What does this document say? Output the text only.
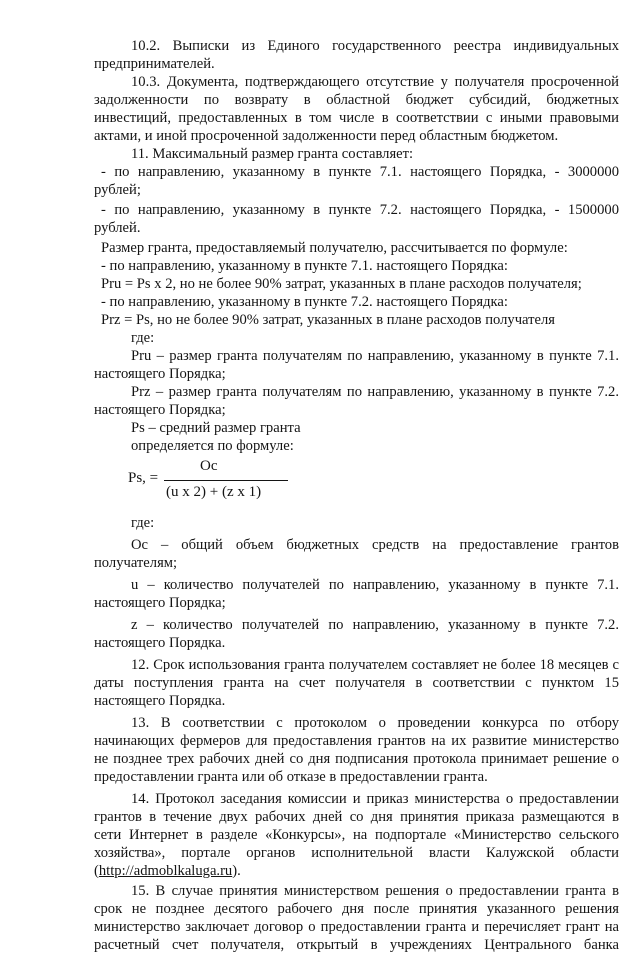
10.2. Выписки из Единого государственного реестра индивидуальных
предпринимателей.
10.3. Документа, подтверждающего отсутствие у получателя просроченной
задолженности по возврату в областной бюджет субсидий, бюджетных
инвестиций, предоставленных в том числе в соответствии с иными правовыми
актами, и иной просроченной задолженности перед областным бюджетом.
11. Максимальный размер гранта составляет:
- по направлению, указанному в пункте 7.1. настоящего Порядка, - 3000000
рублей;
- по направлению, указанному в пункте 7.2. настоящего Порядка, - 1500000
рублей.
Размер гранта, предоставляемый получателю, рассчитывается по формуле:
- по направлению, указанному в пункте 7.1. настоящего Порядка:
Pru = Ps х 2, но не более 90% затрат, указанных в плане расходов получателя;
- по направлению, указанному в пункте 7.2. настоящего Порядка:
Prz = Ps, но не более 90% затрат, указанных в плане расходов получателя
где:
Pru – размер гранта получателям по направлению, указанному в пункте 7.1.
настоящего Порядка;
Prz – размер гранта получателям по направлению, указанному в пункте 7.2.
настоящего Порядка;
Ps – средний размер гранта
определяется по формуле:
Ps, =
Ос
(u x 2) + (z x 1)
где:
Ос – общий объем бюджетных средств на предоставление грантов
получателям;
u – количество получателей по направлению, указанному в пункте 7.1.
настоящего Порядка;
z – количество получателей по направлению, указанному в пункте 7.2.
настоящего Порядка.
12. Срок использования гранта получателем составляет не более 18 месяцев с
даты поступления гранта на счет получателя в соответствии с пунктом 15
настоящего Порядка.
13. В соответствии с протоколом о проведении конкурса по отбору
начинающих фермеров для предоставления грантов на их развитие министерство
не позднее трех рабочих дней со дня подписания протокола принимает решение о
предоставлении гранта или об отказе в предоставлении гранта.
14. Протокол заседания комиссии и приказ министерства о предоставлении
грантов в течение двух рабочих дней со дня принятия приказа размещаются в
сети Интернет в разделе «Конкурсы», на подпортале «Министерство сельского
хозяйства», портале органов исполнительной власти Калужской области
(http://admoblkaluga.ru).
15. В случае принятия министерством решения о предоставлении гранта в
срок не позднее десятого рабочего дня после принятия указанного решения
министерство заключает договор о предоставлении гранта и перечисляет грант на
расчетный счет получателя, открытый в учреждениях Центрального банка
